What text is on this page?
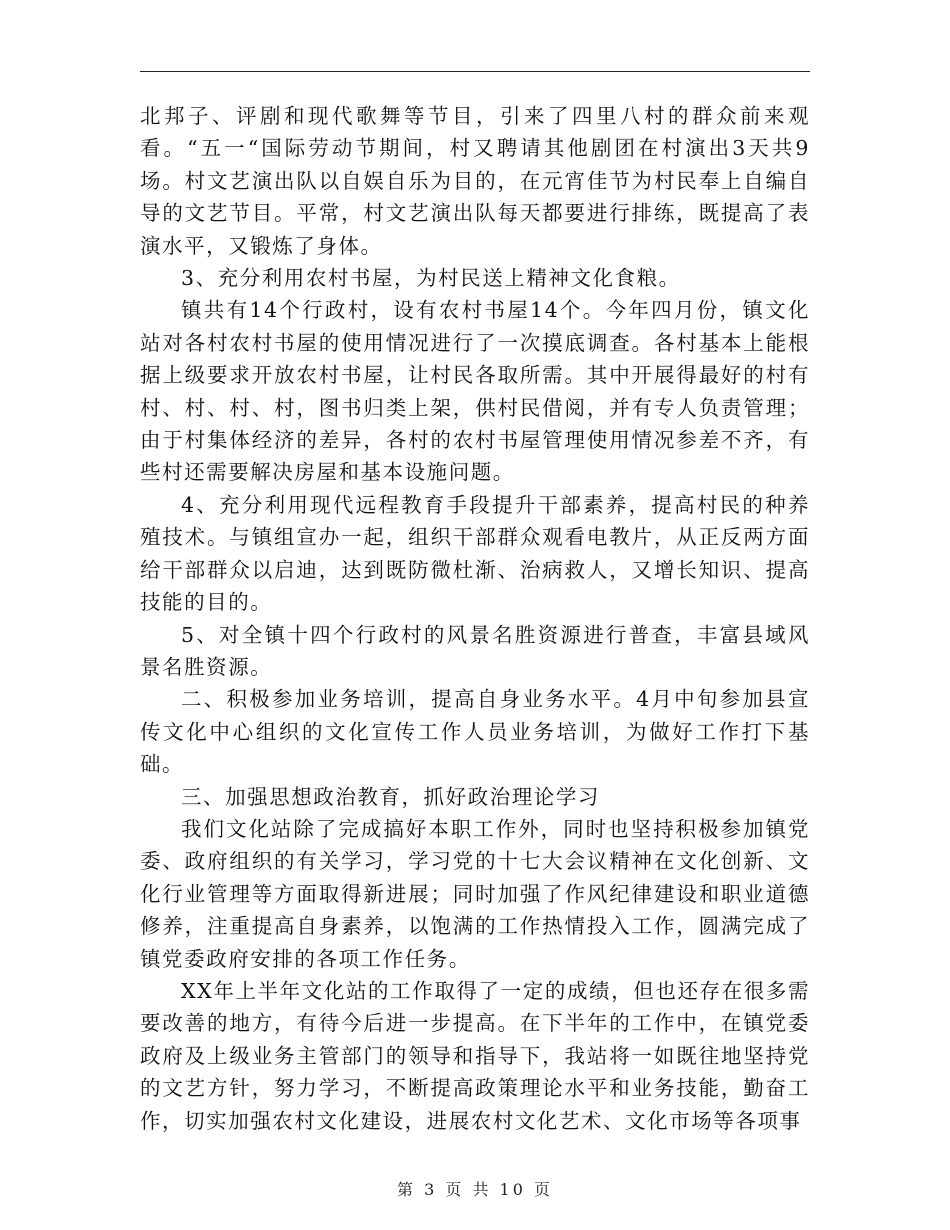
北邦子、评剧和现代歌舞等节目，引来了四里八村的群众前来观看。“五一“国际劳动节期间，村又聘请其他剧团在村演出3天共9场。村文艺演出队以自娱自乐为目的，在元宵佳节为村民奉上自编自导的文艺节目。平常，村文艺演出队每天都要进行排练，既提高了表演水平，又锻炼了身体。

3、充分利用农村书屋，为村民送上精神文化食粮。

镇共有14个行政村，设有农村书屋14个。今年四月份，镇文化站对各村农村书屋的使用情况进行了一次摸底调查。各村基本上能根据上级要求开放农村书屋，让村民各取所需。其中开展得最好的村有村、村、村、村，图书归类上架，供村民借阅，并有专人负责管理；由于村集体经济的差异，各村的农村书屋管理使用情况参差不齐，有些村还需要解决房屋和基本设施问题。

4、充分利用现代远程教育手段提升干部素养，提高村民的种养殖技术。与镇组宣办一起，组织干部群众观看电教片，从正反两方面给干部群众以启迪，达到既防微杜渐、治病救人，又增长知识、提高技能的目的。

5、对全镇十四个行政村的风景名胜资源进行普查，丰富县域风景名胜资源。

二、积极参加业务培训，提高自身业务水平。4月中旬参加县宣传文化中心组织的文化宣传工作人员业务培训，为做好工作打下基础。

三、加强思想政治教育，抓好政治理论学习

我们文化站除了完成搞好本职工作外，同时也坚持积极参加镇党委、政府组织的有关学习，学习党的十七大会议精神在文化创新、文化行业管理等方面取得新进展；同时加强了作风纪律建设和职业道德修养，注重提高自身素养，以饱满的工作热情投入工作，圆满完成了镇党委政府安排的各项工作任务。

XX年上半年文化站的工作取得了一定的成绩，但也还存在很多需要改善的地方，有待今后进一步提高。在下半年的工作中，在镇党委政府及上级业务主管部门的领导和指导下，我站将一如既往地坚持党的文艺方针，努力学习，不断提高政策理论水平和业务技能，勤奋工作，切实加强农村文化建设，进展农村文化艺术、文化市场等各项事

第 3 页 共 10 页
